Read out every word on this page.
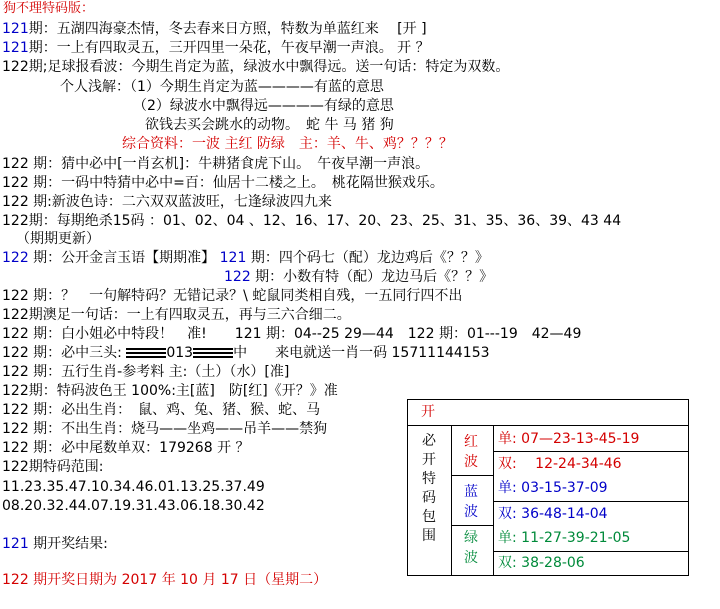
狗不理特码版：
121期：五湖四海豪杰情，冬去春来日方照，特数为单蓝红来　 [开 ]
121期：一上有四取灵五，三开四里一朵花，午夜早潮一声浪。 开 ？
122期;足球报看波：今期生肖定为蓝，绿波水中飘得远。送一句话：特定为双数。
个人浅解：（1）今期生肖定为蓝————有蓝的意思
（2）绿波水中飘得远————有绿的意思
欲钱去买会跳水的动物。　蛇 牛 马 猪 狗
综合资料：一波 主红 防绿　主：羊、牛、鸡？？？？
122 期：猜中必中[一肖玄机]：牛耕猪食虎下山。　午夜早潮一声浪。
122 期：一码中特猜中必中=百：仙居十二楼之上。　桃花隔世猴戏乐。
122 期:新波色诗：二六双双蓝波旺，七逢绿波四九来
122期：每期绝杀15码 ：01、02、04 、12、16、17、20、23、25、31、35、36、39、43 44
（期期更新）
122 期：公开金言玉语【期期准】 121 期：四个码七（配）龙边鸡后《？？》
122 期：小数有特（配）龙边马后《？？》
122 期：？　一句解特码？无错记录？\ 蛇鼠同类相自残，一五同行四不出
122期澳足一句话：一上有四取灵五，再与三六合细二。
122 期：白小姐必中特段！　准!　　121 期：04--25 29—44　122 期：01---19　42—49
122 期：必中三头:	013	中　　来电就送一肖一码 15711144153
122 期：五行生肖-参考料 主:（土）（水）[准]
122期：特码波色王 100%:主[蓝]　防[红]《开？》准
122 期：必出生肖：　鼠、鸡、兔、猪、猴、蛇、马
122 期：不出生肖：烧马——坐鸡——吊羊——禁狗
122 期：必中尾数单双：179268 开 ？
122期特码范围:
11.23.35.47.10.34.46.01.13.25.37.49
08.20.32.44.07.19.31.43.06.18.30.42
121 期开奖结果:
122 期开奖日期为 2017 年 10 月 17 日（星期二）
开
必开特码包围
红波
蓝波
绿波
单: 07—23-13-45-19
双: 　12-24-34-46
单: 03-15-37-09
双: 36-48-14-04
单: 11-27-39-21-05
双: 38-28-06
